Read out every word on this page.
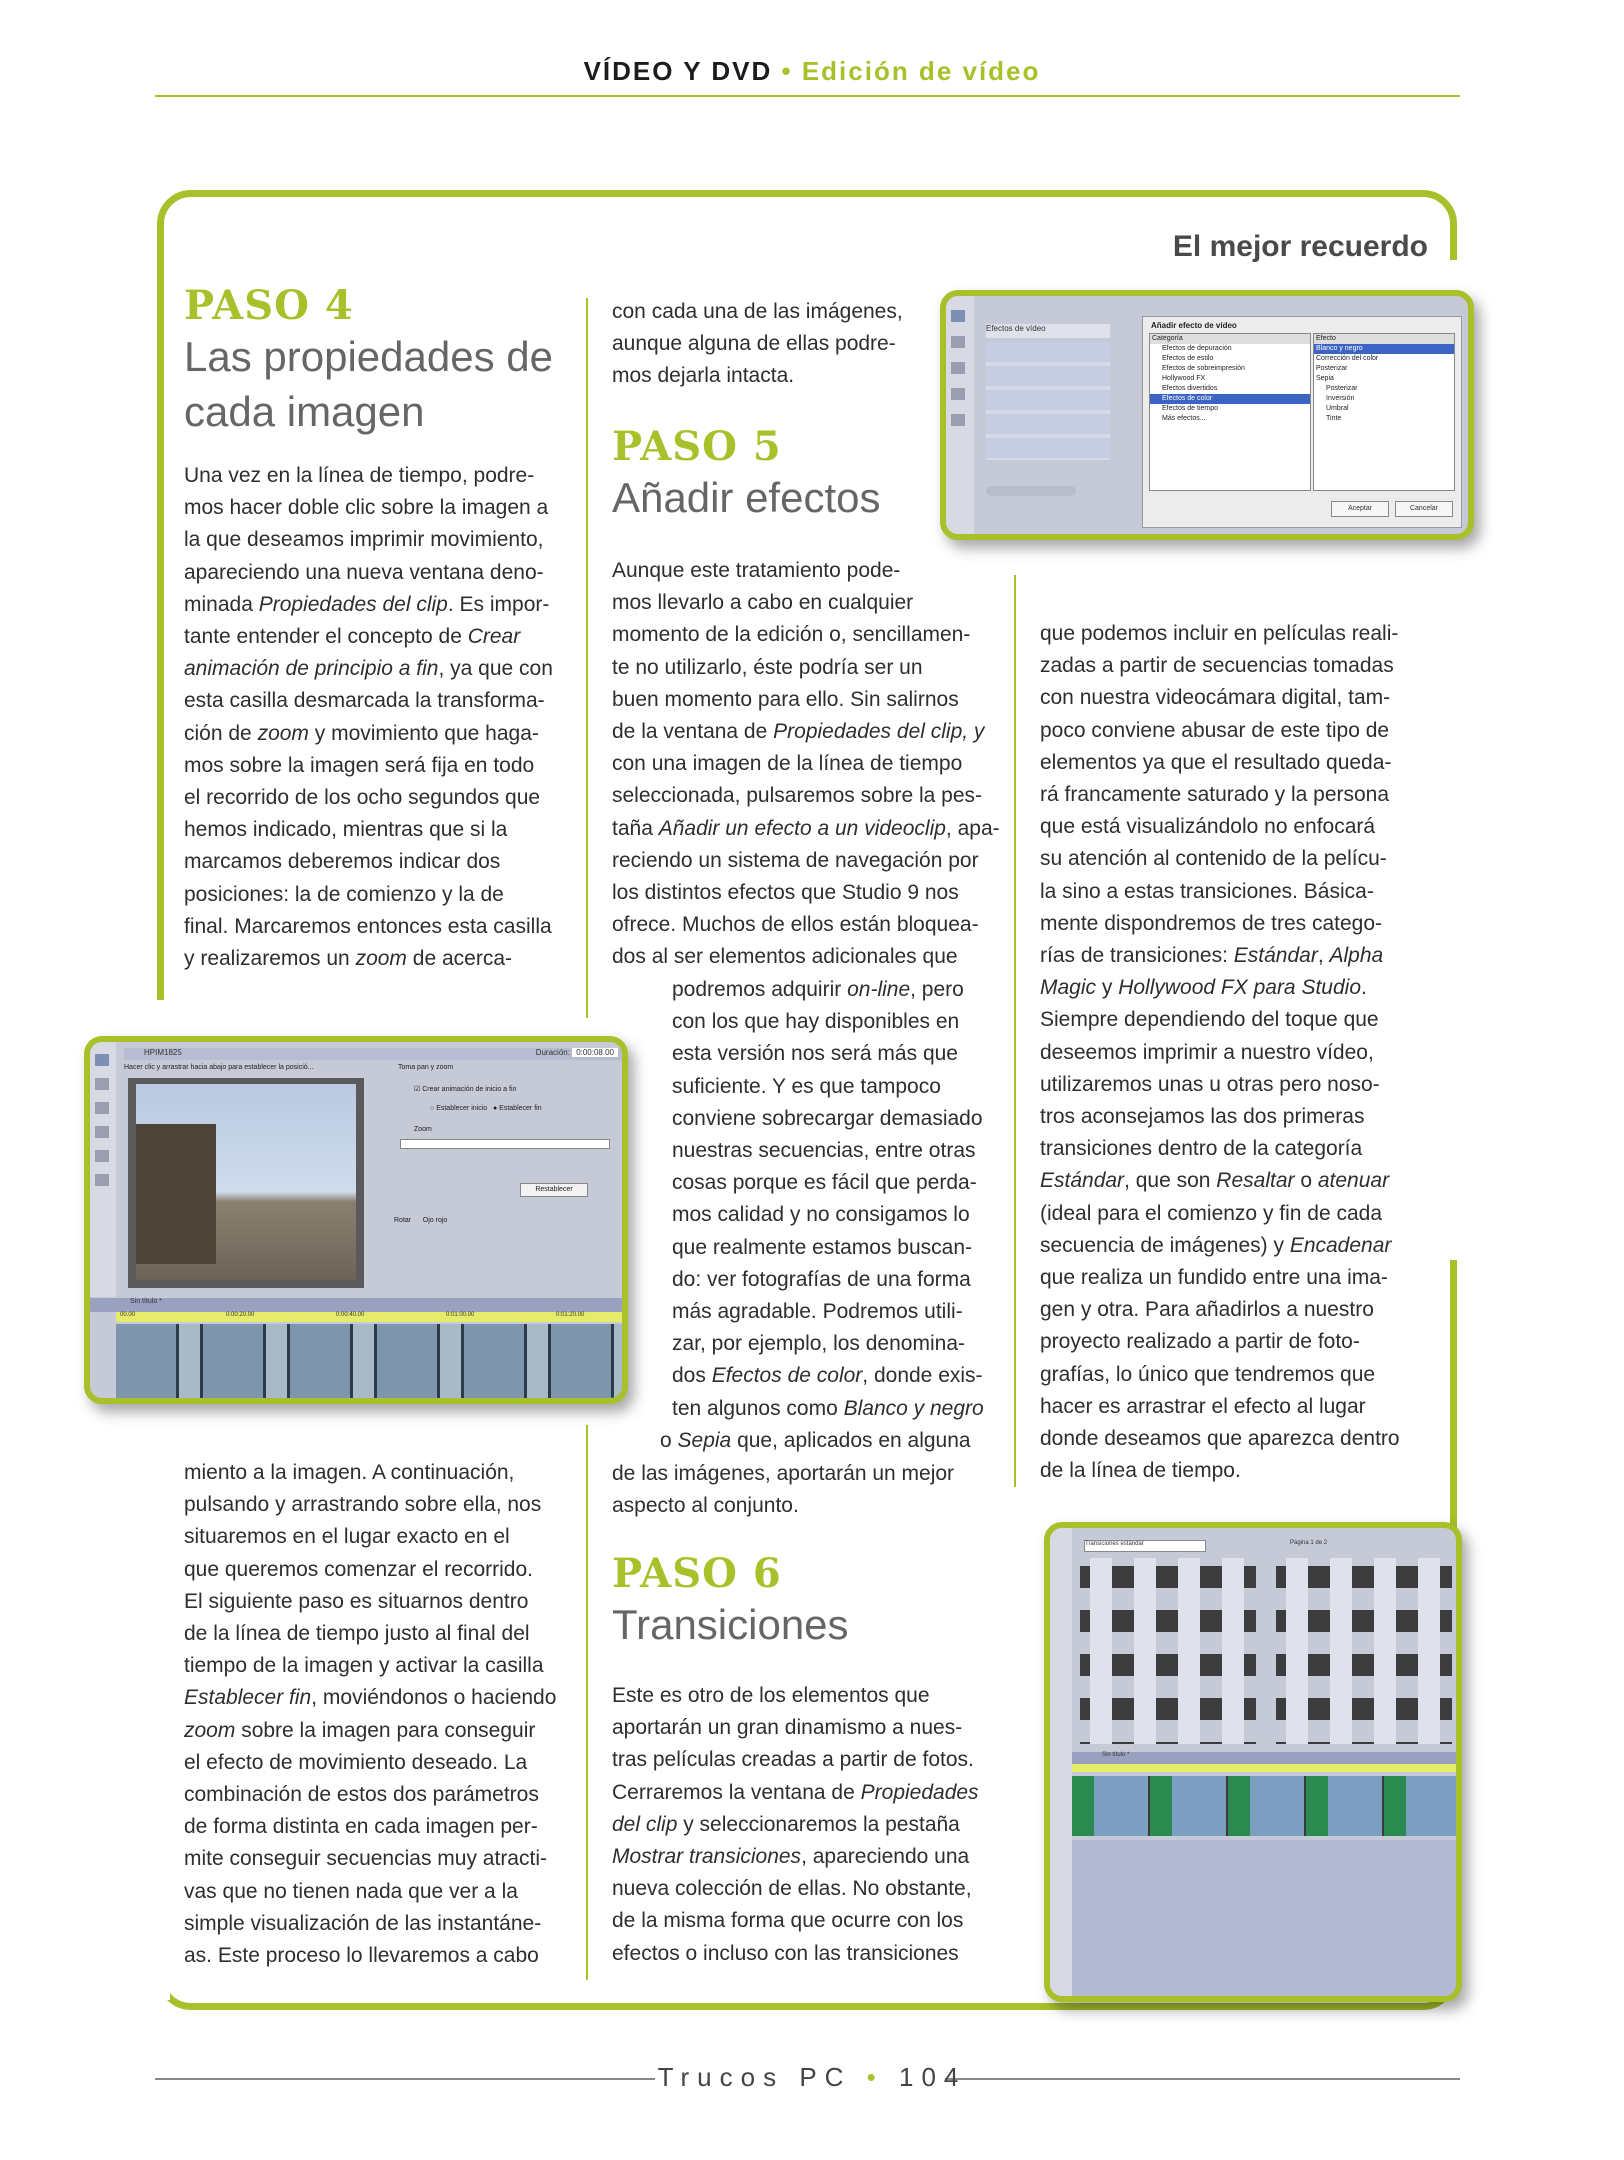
VÍDEO Y DVD • Edición de vídeo
El mejor recuerdo
PASO 4
Las propiedades de
cada imagen

Una vez en la línea de tiempo, podre-

mos hacer doble clic sobre la imagen a

la que deseamos imprimir movimiento,

apareciendo una nueva ventana deno-

minada Propiedades del clip. Es impor-

tante entender el concepto de Crear

animación de principio a fin, ya que con

esta casilla desmarcada la transforma-

ción de zoom y movimiento que haga-

mos sobre la imagen será fija en todo

el recorrido de los ocho segundos que

hemos indicado, mientras que si la

marcamos deberemos indicar dos

posiciones: la de comienzo y la de

final. Marcaremos entonces esta casilla

y realizaremos un zoom de acerca-

miento a la imagen. A continuación,

pulsando y arrastrando sobre ella, nos

situaremos en el lugar exacto en el

que queremos comenzar el recorrido.

El siguiente paso es situarnos dentro

de la línea de tiempo justo al final del

tiempo de la imagen y activar la casilla

Establecer fin, moviéndonos o haciendo

zoom sobre la imagen para conseguir

el efecto de movimiento deseado. La

combinación de estos dos parámetros

de forma distinta en cada imagen per-

mite conseguir secuencias muy atracti-

vas que no tienen nada que ver a la

simple visualización de las instantáne-

as. Este proceso lo llevaremos a cabo

con cada una de las imágenes,

aunque alguna de ellas podre-

mos dejarla intacta.

PASO 5
Añadir efectos

Aunque este tratamiento pode-

mos llevarlo a cabo en cualquier

momento de la edición o, sencillamen-

te no utilizarlo, éste podría ser un

buen momento para ello. Sin salirnos

de la ventana de Propiedades del clip, y

con una imagen de la línea de tiempo

seleccionada, pulsaremos sobre la pes-

taña Añadir un efecto a un videoclip, apa-

reciendo un sistema de navegación por

los distintos efectos que Studio 9 nos

ofrece. Muchos de ellos están bloquea-

dos al ser elementos adicionales que

podremos adquirir on-line, pero

con los que hay disponibles en

esta versión nos será más que

suficiente. Y es que tampoco

conviene sobrecargar demasiado

nuestras secuencias, entre otras

cosas porque es fácil que perda-

mos calidad y no consigamos lo

que realmente estamos buscan-

do: ver fotografías de una forma

más agradable. Podremos utili-

zar, por ejemplo, los denomina-

dos Efectos de color, donde exis-

ten algunos como Blanco y negro

o Sepia que, aplicados en alguna

de las imágenes, aportarán un mejor

aspecto al conjunto.

PASO 6
Transiciones

Este es otro de los elementos que

aportarán un gran dinamismo a nues-

tras películas creadas a partir de fotos.

Cerraremos la ventana de Propiedades

del clip y seleccionaremos la pestaña

Mostrar transiciones, apareciendo una

nueva colección de ellas. No obstante,

de la misma forma que ocurre con los

efectos o incluso con las transiciones

que podemos incluir en películas reali-

zadas a partir de secuencias tomadas

con nuestra videocámara digital, tam-

poco conviene abusar de este tipo de

elementos ya que el resultado queda-

rá francamente saturado y la persona

que está visualizándolo no enfocará

su atención al contenido de la pelícu-

la sino a estas transiciones. Básica-

mente dispondremos de tres catego-

rías de transiciones: Estándar, Alpha

Magic y Hollywood FX para Studio.

Siempre dependiendo del toque que

deseemos imprimir a nuestro vídeo,

utilizaremos unas u otras pero noso-

tros aconsejamos las dos primeras

transiciones dentro de la categoría

Estándar, que son Resaltar o atenuar

(ideal para el comienzo y fin de cada

secuencia de imágenes) y Encadenar

que realiza un fundido entre una ima-

gen y otra. Para añadirlos a nuestro

proyecto realizado a partir de foto-

grafías, lo único que tendremos que

hacer es arrastrar el efecto al lugar

donde deseamos que aparezca dentro

de la línea de tiempo.

Efectos de vídeo	Añadir efecto de vídeo
Categoría
Efectos de depuración
Efectos de estilo
Efectos de sobreimpresión
Hollywood FX
Efectos divertidos
Efectos de color
Efectos de tiempo
Más efectos...
Efecto
Blanco y negro
Corrección del color
Posterizar
Sepia
Posterizar
Inversión
Umbral
Tinte
Aceptar	Cancelar
HPIM1825	Duración: 0:00:08.00
Hacer clic y arrastrar hacia abajo para establecer la posició...	Toma pan y zoom
☑ Crear animación de inicio a fin
○ Establecer inicio   ● Establecer fin
Zoom
Restablecer
Rotar Ojo rojo
Sin título *
00.00	0:00:20.00	0:00:40.00	0:01:00.00	0:01:20.00
Transiciones estándar	Página 1 de 2
Sin título *
Trucos PC • 104
